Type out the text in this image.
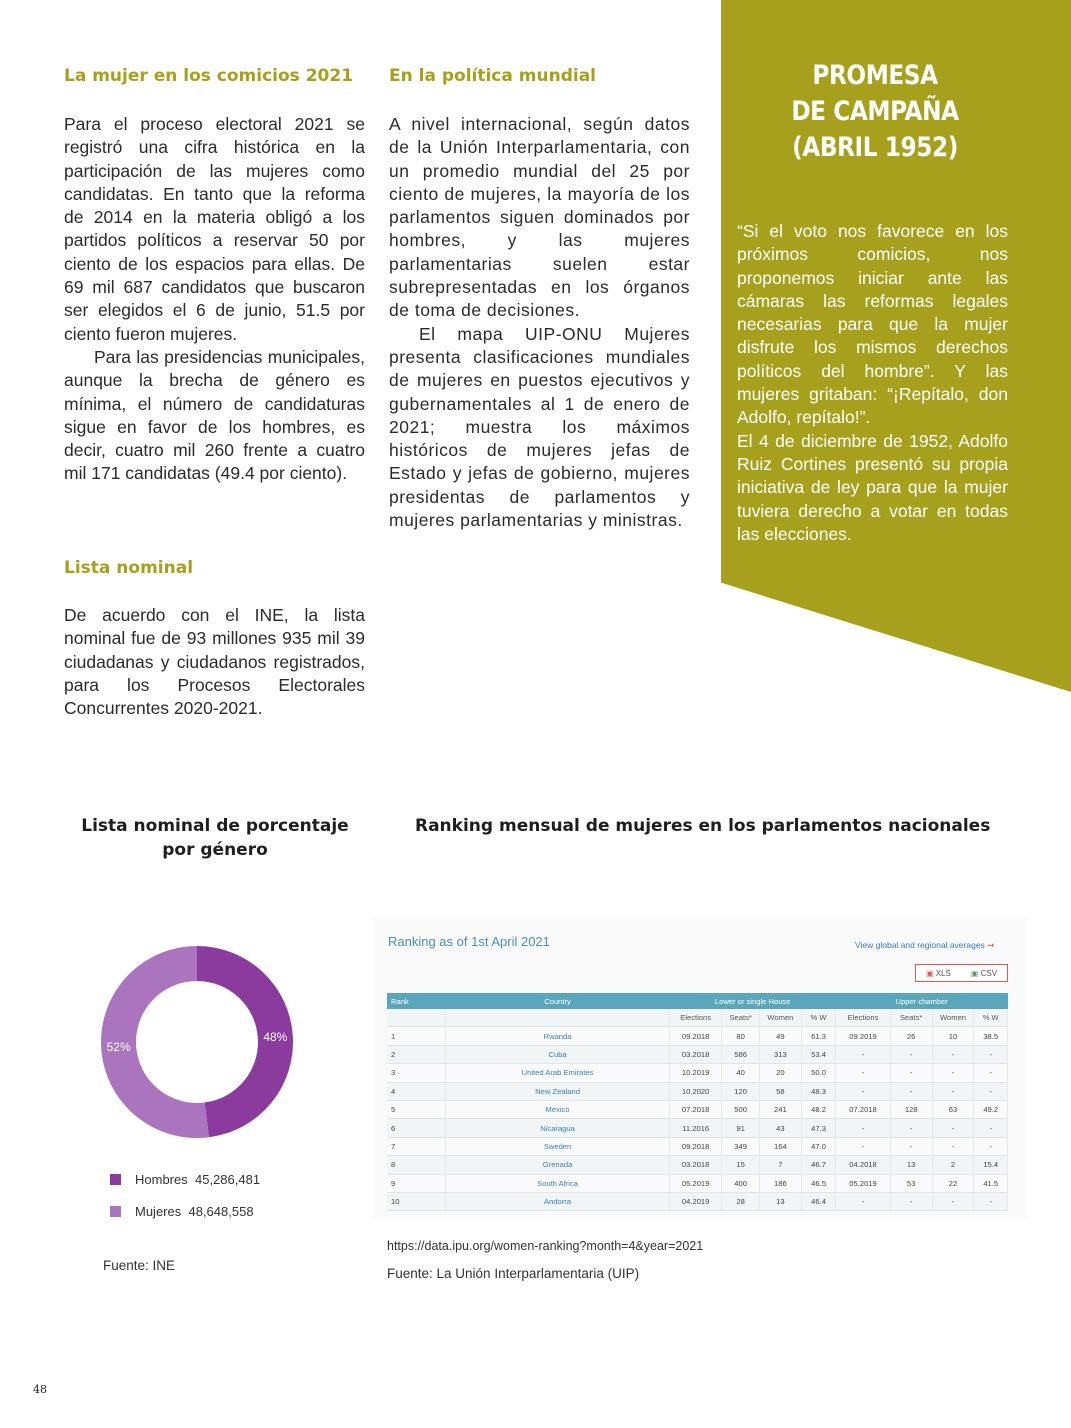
La mujer en los comicios 2021

Para el proceso electoral 2021 se registró una cifra histórica en la participación de las mujeres como candidatas. En tanto que la reforma de 2014 en la materia obligó a los partidos políticos a reservar 50 por ciento de los espacios para ellas. De 69 mil 687 candidatos que buscaron ser elegidos el 6 de junio, 51.5 por ciento fueron mujeres.

Para las presidencias municipales, aunque la brecha de género es mínima, el número de candidaturas sigue en favor de los hombres, es decir, cuatro mil 260 frente a cuatro mil 171 candidatas (49.4 por ciento).

Lista nominal

De acuerdo con el INE, la lista nominal fue de 93 millones 935 mil 39 ciudadanas y ciudadanos registrados, para los Procesos Electorales Concurrentes 2020-2021.

En la política mundial

A nivel internacional, según datos de la Unión Interparlamentaria, con un promedio mundial del 25 por ciento de mujeres, la mayoría de los parlamentos siguen dominados por hombres, y las mujeres parlamentarias suelen estar subrepresentadas en los órganos de toma de decisiones.

El mapa UIP-ONU Mujeres presenta clasificaciones mundiales de mujeres en puestos ejecutivos y gubernamentales al 1 de enero de 2021; muestra los máximos históricos de mujeres jefas de Estado y jefas de gobierno, mujeres presidentas de parlamentos y mujeres parlamentarias y ministras.

PROMESA
DE CAMPAÑA
(ABRIL 1952)

“Si el voto nos favorece en los próximos comicios, nos proponemos iniciar ante las cámaras las reformas legales necesarias para que la mujer disfrute los mismos derechos políticos del hombre”. Y las mujeres gritaban: “¡Repítalo, don Adolfo, repítalo!”.

El 4 de diciembre de 1952, Adolfo Ruiz Cortines presentó su propia iniciativa de ley para que la mujer tuviera derecho a votar en todas las elecciones.

Lista nominal de porcentaje por género
48%
52%
Hombres
45,286,481
Mujeres
48,648,558
Fuente: INE
Ranking mensual de mujeres en los parlamentos nacionales
Ranking as of 1st April 2021	View global and regional averages ➞
▣ XLS ▣ CSV
Rank	Country	Lower or single House				Upper chamber			
		Elections	Seats*	Women	% W	Elections	Seats*	Women	% W
1	Rwanda	09.2018	80	49	61.3	09.2019	26	10	38.5
2	Cuba	03.2018	586	313	53.4	-	-	-	-
3	United Arab Emirates	10.2019	40	20	50.0	-	-	-	-
4	New Zealand	10.2020	120	58	48.3	-	-	-	-
5	Mexico	07.2018	500	241	48.2	07.2018	128	63	49.2
6	Nicaragua	11.2016	91	43	47.3	-	-	-	-
7	Sweden	09.2018	349	164	47.0	-	-	-	-
8	Grenada	03.2018	15	7	46.7	04.2018	13	2	15.4
9	South Africa	05.2019	400	186	46.5	05.2019	53	22	41.5
10	Andorra	04.2019	28	13	46.4	-	-	-	-
https://data.ipu.org/women-ranking?month=4&year=2021
Fuente: La Unión Interparlamentaria (UIP)
48
